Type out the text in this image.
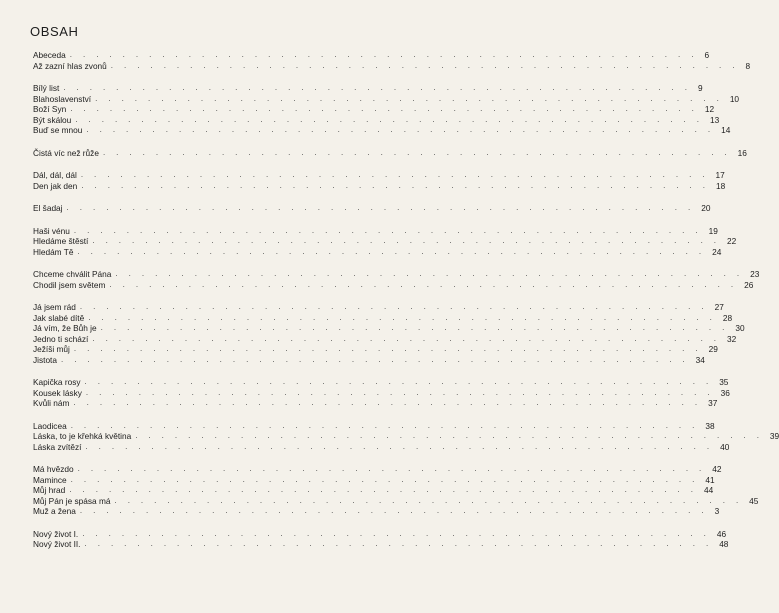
OBSAH
Abeceda ................................................ 6
Až zazní hlas zvonů ................................................ 8
Bílý list ................................................ 9
Blahoslavenství ................................................ 10
Boží Syn ................................................ 12
Být skálou ................................................ 13
Buď se mnou ................................................ 14
Čistá víc než růže ................................................ 16
Dál, dál, dál ................................................ 17
Den jak den ................................................ 18
El šadaj ................................................ 20
Haši vénu ................................................ 19
Hledáme štěstí ................................................ 22
Hledám Tě ................................................ 24
Chceme chválit Pána ................................................ 23
Chodil jsem světem ................................................ 26
Já jsem rád ................................................ 27
Jak slabé dítě ................................................ 28
Já vím, že Bůh je ................................................ 30
Jedno ti schází ................................................ 32
Ježíši můj ................................................ 29
Jistota ................................................ 34
Kapička rosy ................................................ 35
Kousek lásky ................................................ 36
Kvůli nám ................................................ 37
Laodicea ................................................ 38
Láska, to je křehká květina ................................................ 39
Láska zvítězí ................................................ 40
Má hvězdo ................................................ 42
Mamince ................................................ 41
Můj hrad ................................................ 44
Můj Pán je spása má ................................................ 45
Muž a žena ................................................ 3
Nový život I. ................................................ 46
Nový život II. ................................................ 48
